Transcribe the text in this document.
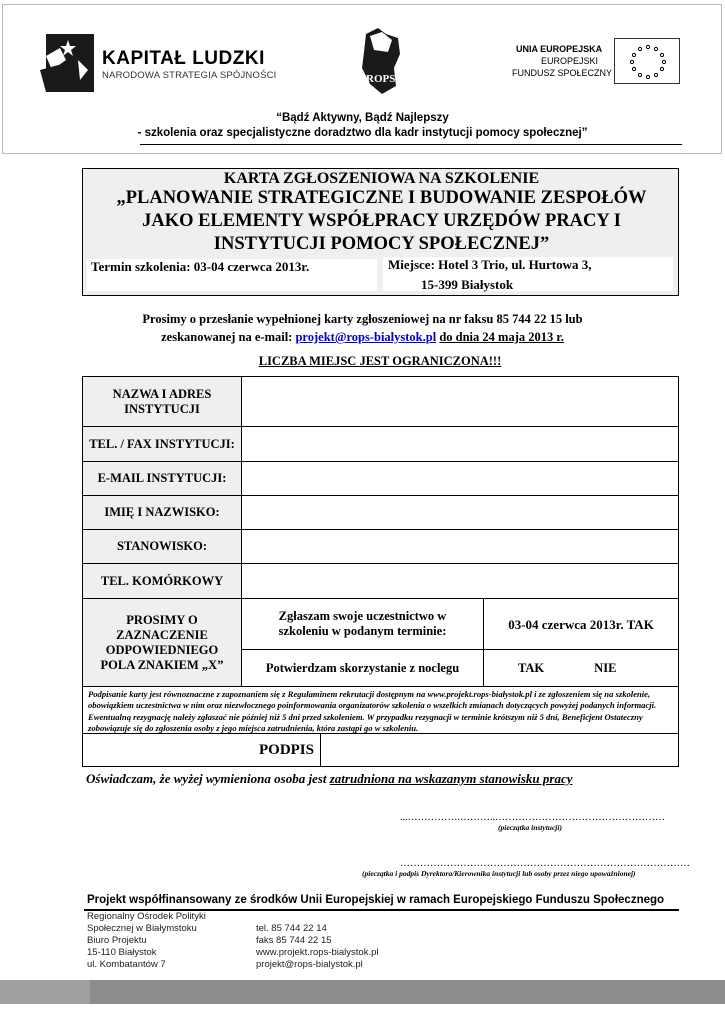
KAPITAŁ LUDZKI
NARODOWA STRATEGIA SPÓJNOŚCI	ROPS
UNIA EUROPEJSKA
EUROPEJSKI
FUNDUSZ SPOŁECZNY
“Bądź Aktywny, Bądź Najlepszy
- szkolenia oraz specjalistyczne doradztwo dla kadr instytucji pomocy społecznej”
KARTA ZGŁOSZENIOWA NA SZKOLENIE
„PLANOWANIE STRATEGICZNE I BUDOWANIE ZESPOŁÓW
JAKO ELEMENTY WSPÓŁPRACY URZĘDÓW PRACY I
INSTYTUCJI POMOCY SPOŁECZNEJ”
Termin szkolenia: 03-04 czerwca 2013r.	Miejsce: Hotel 3 Trio, ul. Hurtowa 3,
15-399 Białystok
Prosimy o przesłanie wypełnionej karty zgłoszeniowej na nr faksu 85 744 22 15 lub
zeskanowanej na e-mail: projekt@rops-bialystok.pl do dnia 24 maja 2013 r.
LICZBA MIEJSC JEST OGRANICZONA!!!
NAZWA I ADRES INSTYTUCJI
TEL. / FAX INSTYTUCJI:
E-MAIL INSTYTUCJI:
IMIĘ I NAZWISKO:
STANOWISKO:
TEL. KOMÓRKOWY
PROSIMY O ZAZNACZENIE ODPOWIEDNIEGO POLA ZNAKIEM „X”
Zgłaszam swoje uczestnictwo w szkoleniu w podanym terminie:	03-04 czerwca 2013r. TAK
Potwierdzam skorzystanie z noclegu	TAK	NIE
Podpisanie karty jest równoznaczne z zapoznaniem się z Regulaminem rekrutacji dostępnym na www.projekt.rops-białystok.pl i ze zgłoszeniem się na szkolenie, obowiązkiem uczestnictwa w nim oraz niezwłocznego poinformowania organizatorów szkolenia o wszelkich zmianach dotyczących powyżej podanych informacji. Ewentualną rezygnację należy zgłaszać nie później niż 5 dni przed szkoleniem. W przypadku rezygnacji w terminie krótszym niż 5 dni, Beneficjent Ostateczny zobowiązuje się do zgłoszenia osoby z jego miejsca zatrudnienia, która zastąpi go w szkoleniu.
PODPIS
Oświadczam, że wyżej wymieniona osoba jest zatrudniona na wskazanym stanowisku pracy
...…………….………..……………………………………………
(pieczątka instytucji)
……………………………………………………………………………
(pieczątka i podpis Dyrektora/Kierownika instytucji lub osoby przez niego upoważnionej)
Projekt współfinansowany ze środków Unii Europejskiej w ramach Europejskiego Funduszu Społecznego
Regionalny Ośrodek Polityki
Społecznej w Białymstoku
Biuro Projektu
15-110 Białystok
ul. Kombatantów 7
tel. 85 744 22 14
faks 85 744 22 15
www.projekt.rops-bialystok.pl
projekt@rops-bialystok.pl
